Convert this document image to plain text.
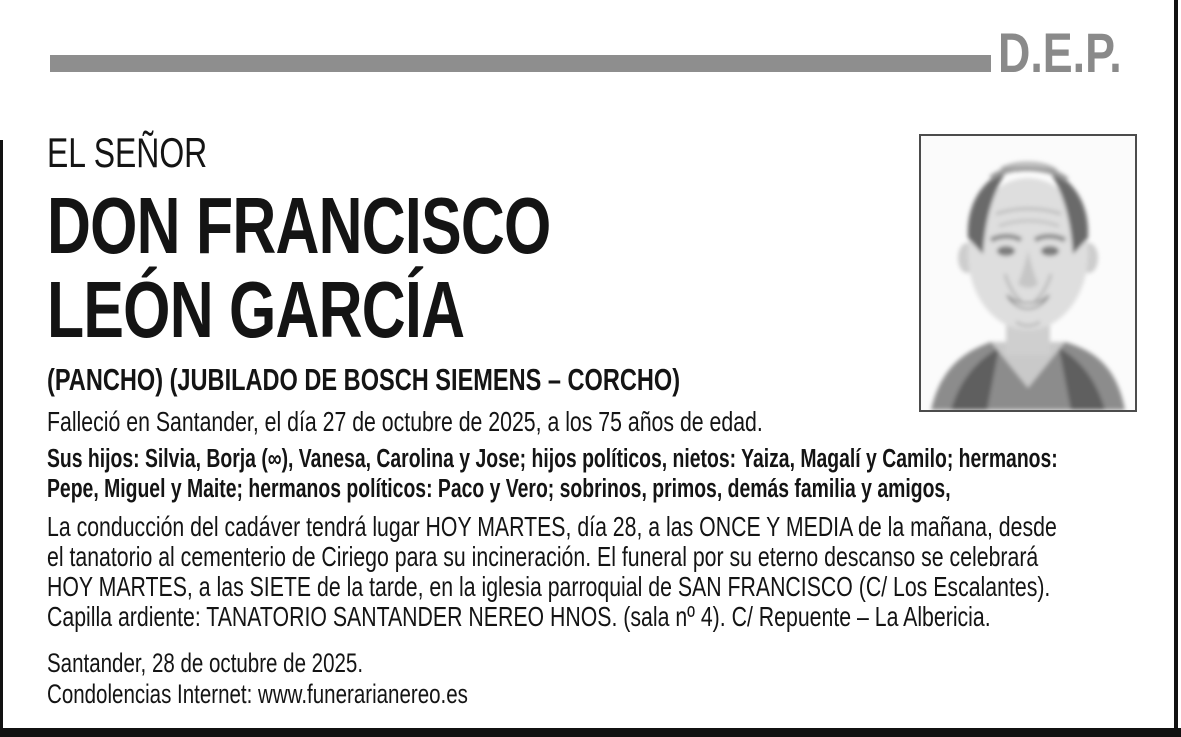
D.E.P.
EL SEÑOR
DON FRANCISCO
LEÓN GARCÍA
(PANCHO) (JUBILADO DE BOSCH SIEMENS – CORCHO)
Falleció en Santander, el día 27 de octubre de 2025, a los 75 años de edad.
Sus hijos: Silvia, Borja (∞), Vanesa, Carolina y Jose; hijos políticos, nietos: Yaiza, Magalí y Camilo; hermanos:
Pepe, Miguel y Maite; hermanos políticos: Paco y Vero; sobrinos, primos, demás familia y amigos,
La conducción del cadáver tendrá lugar HOY MARTES, día 28, a las ONCE Y MEDIA de la mañana, desde
el tanatorio al cementerio de Ciriego para su incineración. El funeral por su eterno descanso se celebrará
HOY MARTES, a las SIETE de la tarde, en la iglesia parroquial de SAN FRANCISCO (C/ Los Escalantes).
Capilla ardiente: TANATORIO SANTANDER NEREO HNOS. (sala nº 4). C/ Repuente – La Albericia.
Santander, 28 de octubre de 2025.
Condolencias Internet: www.funerarianereo.es
